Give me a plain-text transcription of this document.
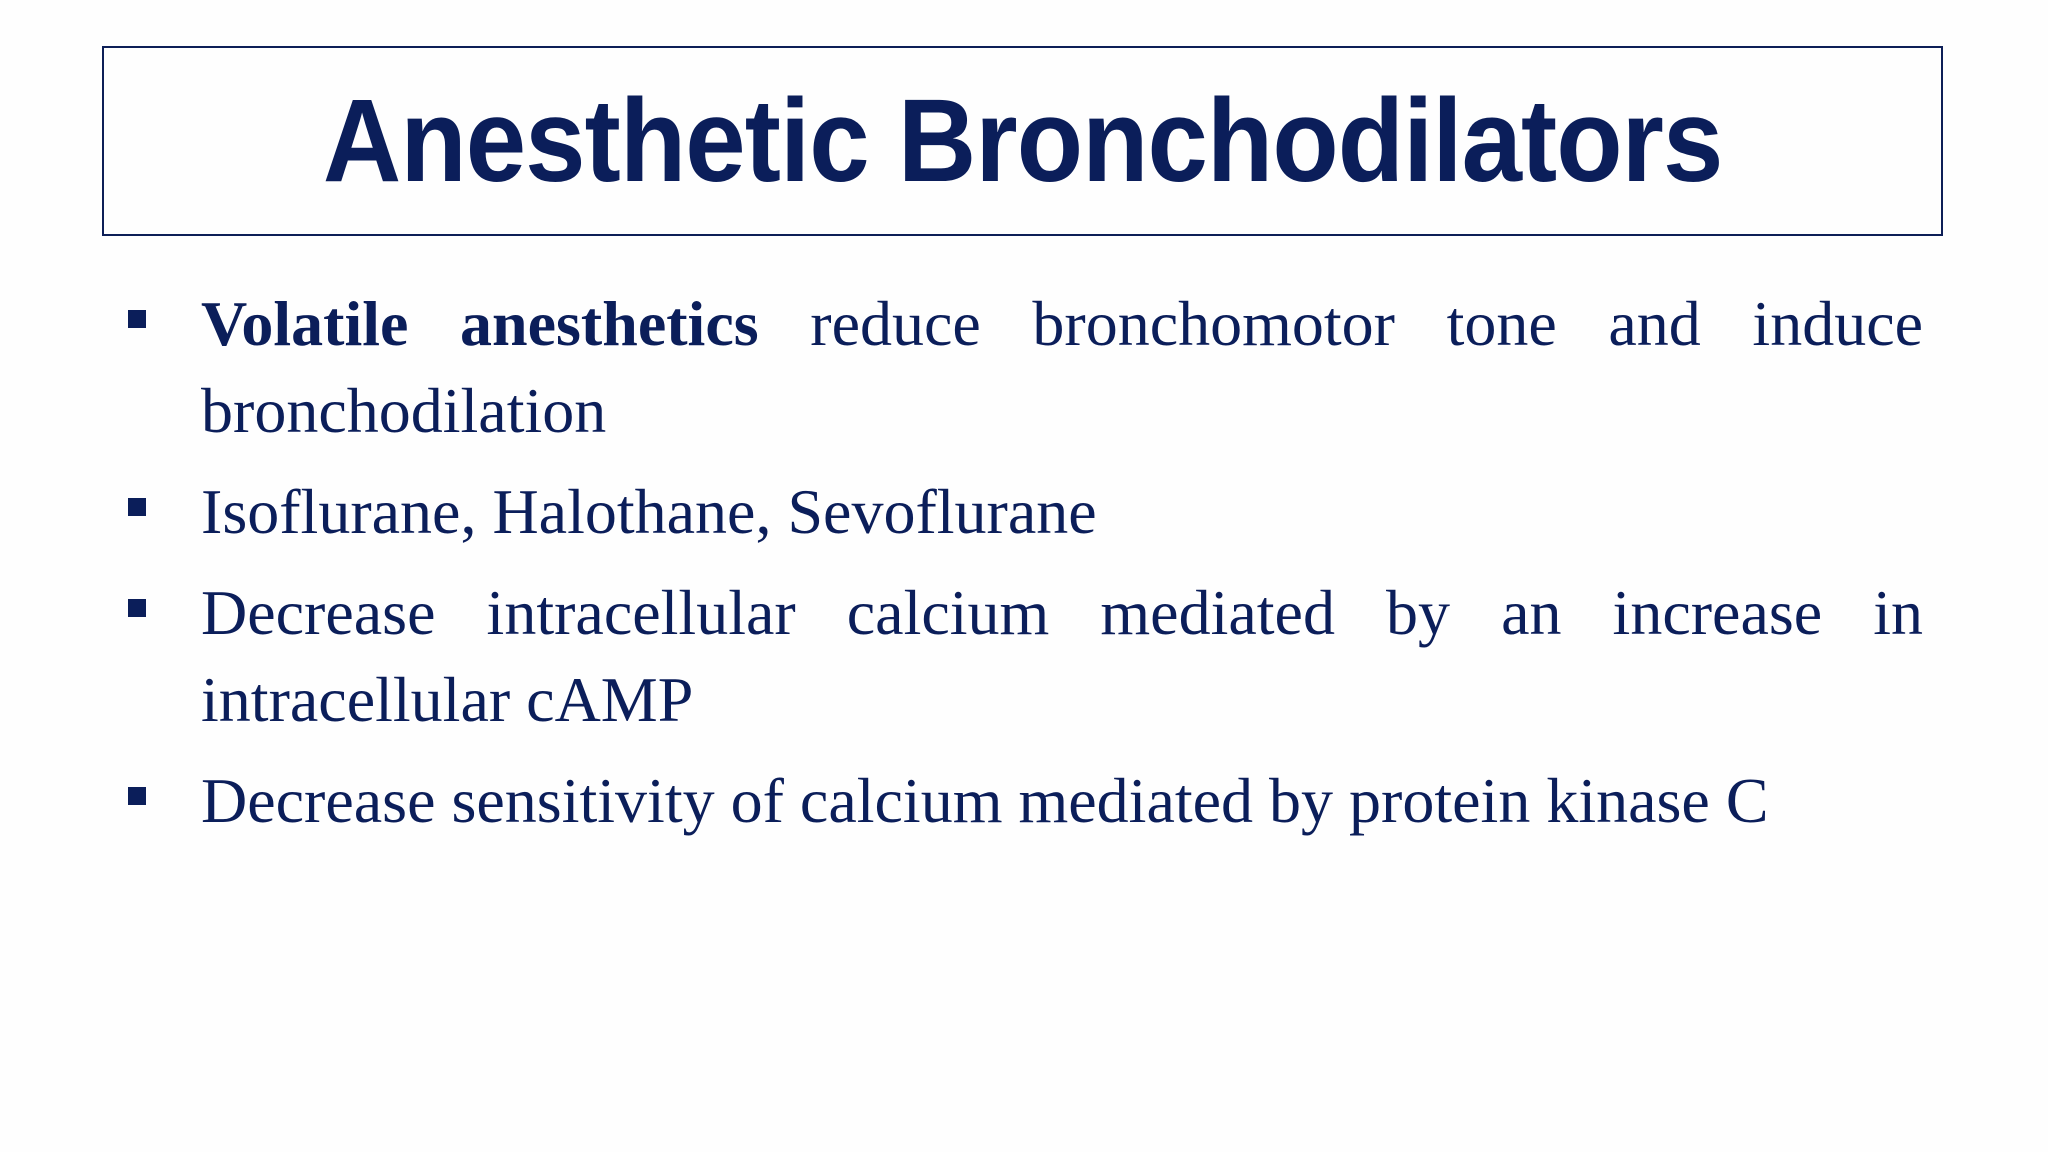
Anesthetic Bronchodilators
Volatile anesthetics reduce bronchomotor tone and induce bronchodilation
Isoflurane, Halothane, Sevoflurane
Decrease intracellular calcium mediated by an increase in intracellular cAMP
Decrease sensitivity of calcium mediated by protein kinase C
